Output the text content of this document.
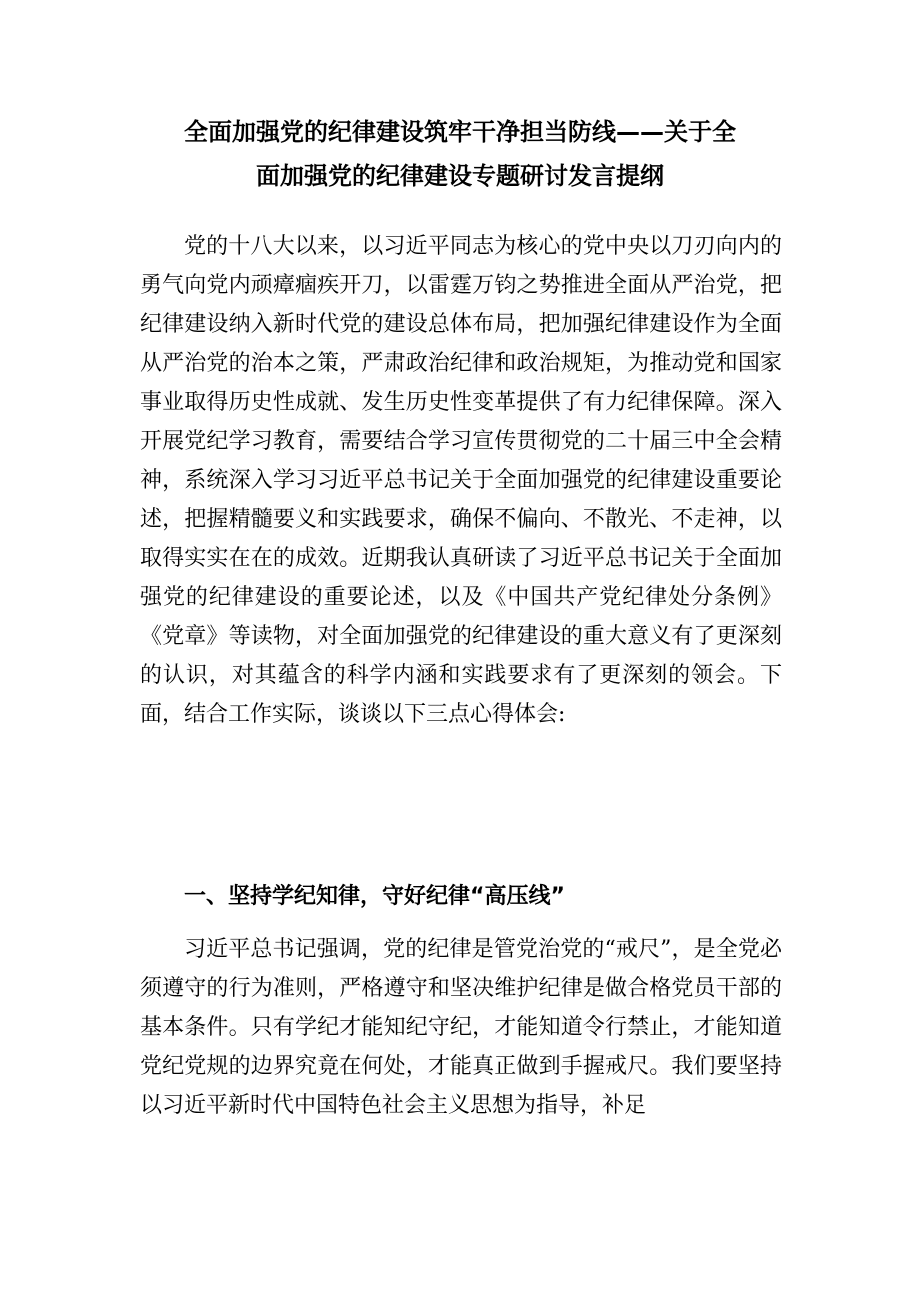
全面加强党的纪律建设筑牢干净担当防线——关于全
面加强党的纪律建设专题研讨发言提纲

党的十八大以来，以习近平同志为核心的党中央以刀刃向内的勇气向党内顽瘴痼疾开刀，以雷霆万钧之势推进全面从严治党，把纪律建设纳入新时代党的建设总体布局，把加强纪律建设作为全面从严治党的治本之策，严肃政治纪律和政治规矩，为推动党和国家事业取得历史性成就、发生历史性变革提供了有力纪律保障。深入开展党纪学习教育，需要结合学习宣传贯彻党的二十届三中全会精神，系统深入学习习近平总书记关于全面加强党的纪律建设重要论述，把握精髓要义和实践要求，确保不偏向、不散光、不走神，以取得实实在在的成效。近期我认真研读了习近平总书记关于全面加强党的纪律建设的重要论述，以及《中国共产党纪律处分条例》《党章》等读物，对全面加强党的纪律建设的重大意义有了更深刻的认识，对其蕴含的科学内涵和实践要求有了更深刻的领会。下面，结合工作实际，谈谈以下三点心得体会:

一、坚持学纪知律，守好纪律“高压线”

习近平总书记强调，党的纪律是管党治党的“戒尺”，是全党必须遵守的行为准则，严格遵守和坚决维护纪律是做合格党员干部的基本条件。只有学纪才能知纪守纪，才能知道令行禁止，才能知道党纪党规的边界究竟在何处，才能真正做到手握戒尺。我们要坚持以习近平新时代中国特色社会主义思想为指导，补足
